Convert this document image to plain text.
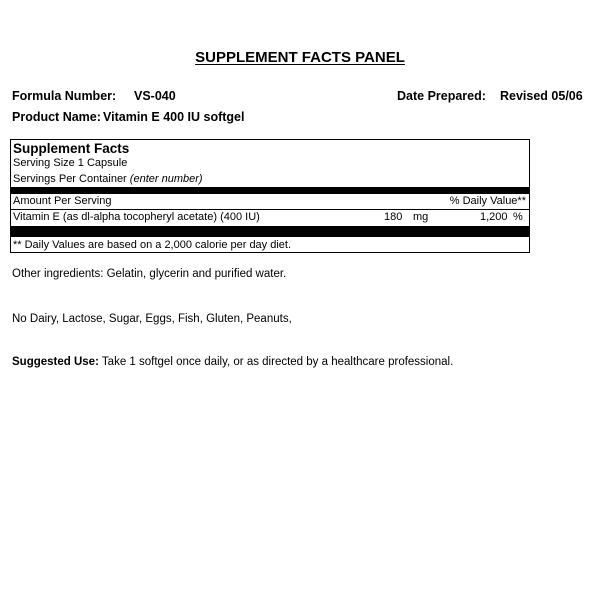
SUPPLEMENT FACTS PANEL
Formula Number: VS-040	Date Prepared: Revised 05/06
Product Name: Vitamin E 400 IU softgel
Supplement Facts
Serving Size 1 Capsule
Servings Per Container (enter number)
Amount Per Serving	% Daily Value**
Vitamin E (as dl-alpha tocopheryl acetate) (400 IU)	180 mg	1,200 %
** Daily Values are based on a 2,000 calorie per day diet.
Other ingredients: Gelatin, glycerin and purified water.
No Dairy, Lactose, Sugar, Eggs, Fish, Gluten, Peanuts,
Suggested Use: Take 1 softgel once daily, or as directed by a healthcare professional.
